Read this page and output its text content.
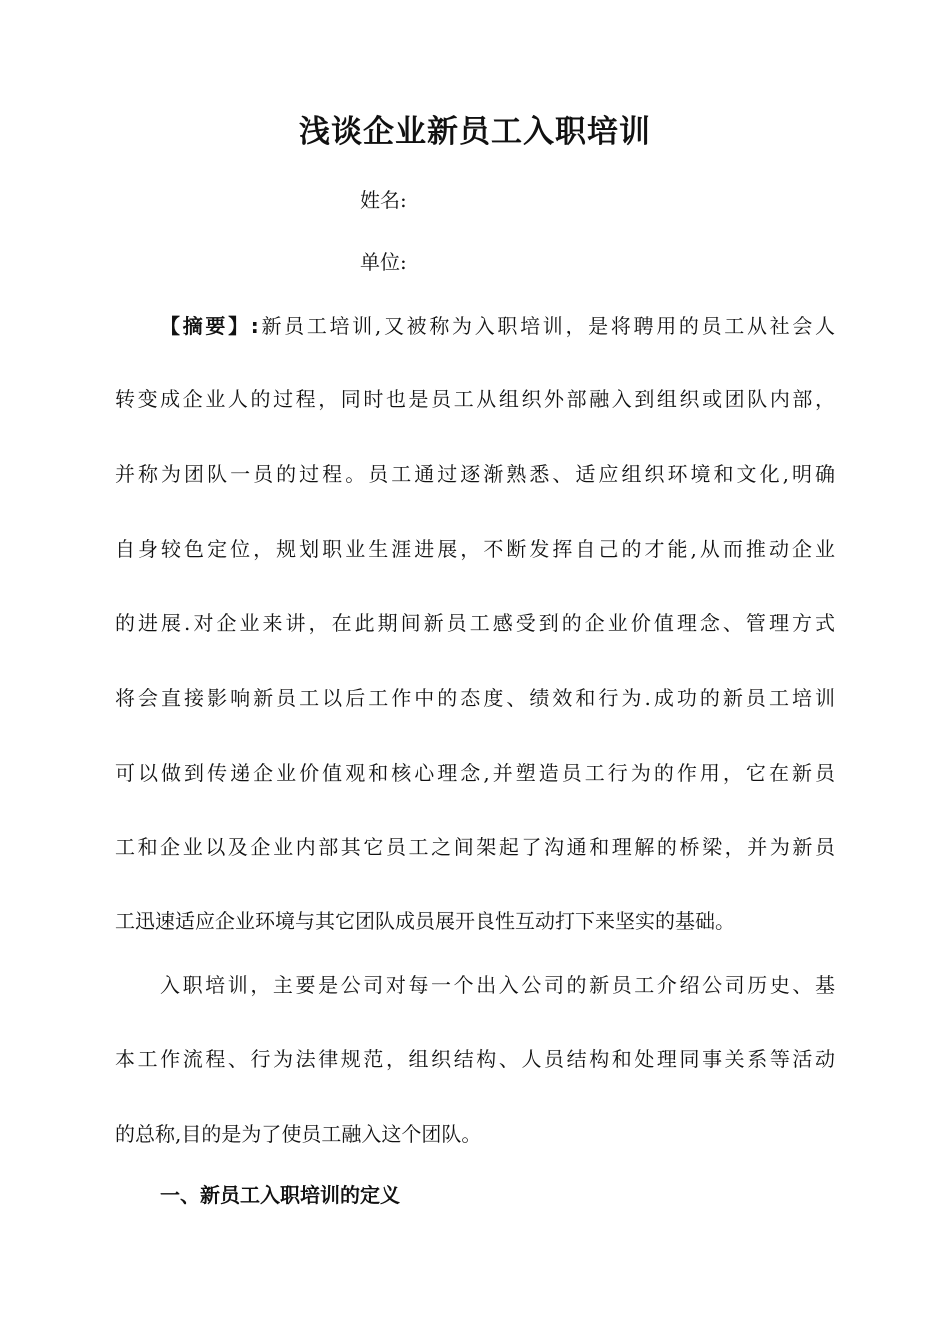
浅谈企业新员工入职培训
姓名:
单位:
【摘要】:新员工培训,又被称为入职培训，是将聘用的员工从社会人
转变成企业人的过程，同时也是员工从组织外部融入到组织或团队内部，
并称为团队一员的过程。员工通过逐渐熟悉、适应组织环境和文化,明确
自身较色定位，规划职业生涯进展，不断发挥自己的才能,从而推动企业
的进展.对企业来讲，在此期间新员工感受到的企业价值理念、管理方式
将会直接影响新员工以后工作中的态度、绩效和行为.成功的新员工培训
可以做到传递企业价值观和核心理念,并塑造员工行为的作用，它在新员
工和企业以及企业内部其它员工之间架起了沟通和理解的桥梁，并为新员
工迅速适应企业环境与其它团队成员展开良性互动打下来坚实的基础。
入职培训，主要是公司对每一个出入公司的新员工介绍公司历史、基
本工作流程、行为法律规范，组织结构、人员结构和处理同事关系等活动
的总称,目的是为了使员工融入这个团队。
一、新员工入职培训的定义
